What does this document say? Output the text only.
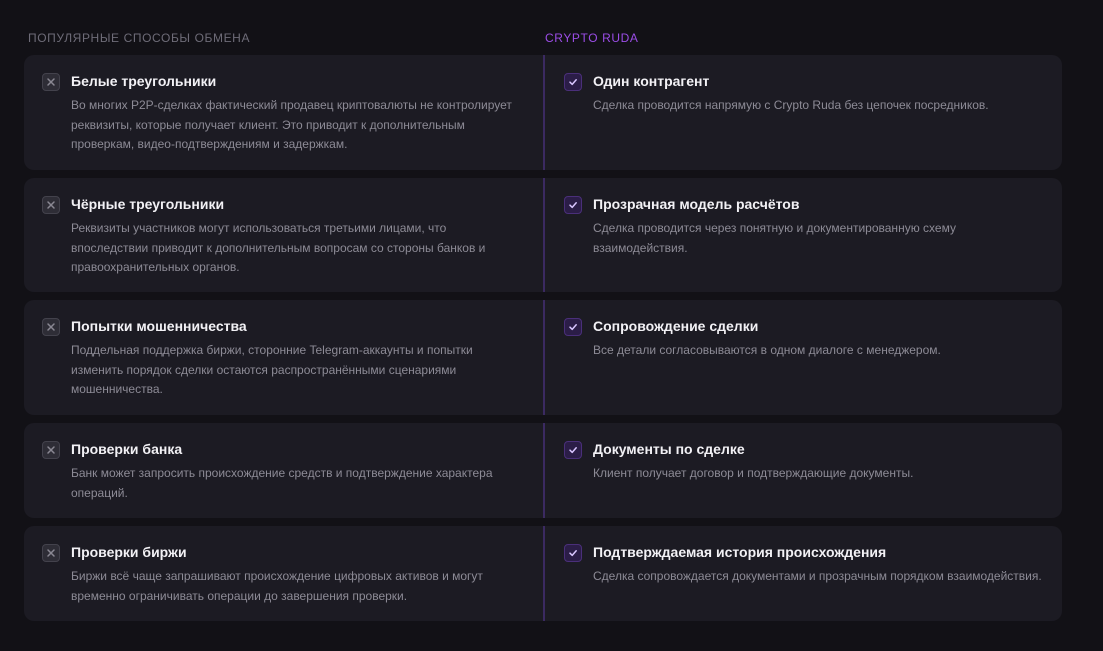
ПОПУЛЯРНЫЕ СПОСОБЫ ОБМЕНА	CRYPTO RUDA
Белые треугольники
Во многих P2P-сделках фактический продавец криптовалюты не контролирует реквизиты, которые получает клиент. Это приводит к дополнительным проверкам, видео-подтверждениям и задержкам.
Один контрагент
Сделка проводится напрямую с Crypto Ruda без цепочек посредников.
Чёрные треугольники
Реквизиты участников могут использоваться третьими лицами, что впоследствии приводит к дополнительным вопросам со стороны банков и правоохранительных органов.
Прозрачная модель расчётов
Сделка проводится через понятную и документированную схему взаимодействия.
Попытки мошенничества
Поддельная поддержка биржи, сторонние Telegram-аккаунты и попытки изменить порядок сделки остаются распространёнными сценариями мошенничества.
Сопровождение сделки
Все детали согласовываются в одном диалоге с менеджером.
Проверки банка
Банк может запросить происхождение средств и подтверждение характера операций.
Документы по сделке
Клиент получает договор и подтверждающие документы.
Проверки биржи
Биржи всё чаще запрашивают происхождение цифровых активов и могут временно ограничивать операции до завершения проверки.
Подтверждаемая история происхождения
Сделка сопровождается документами и прозрачным порядком взаимодействия.
